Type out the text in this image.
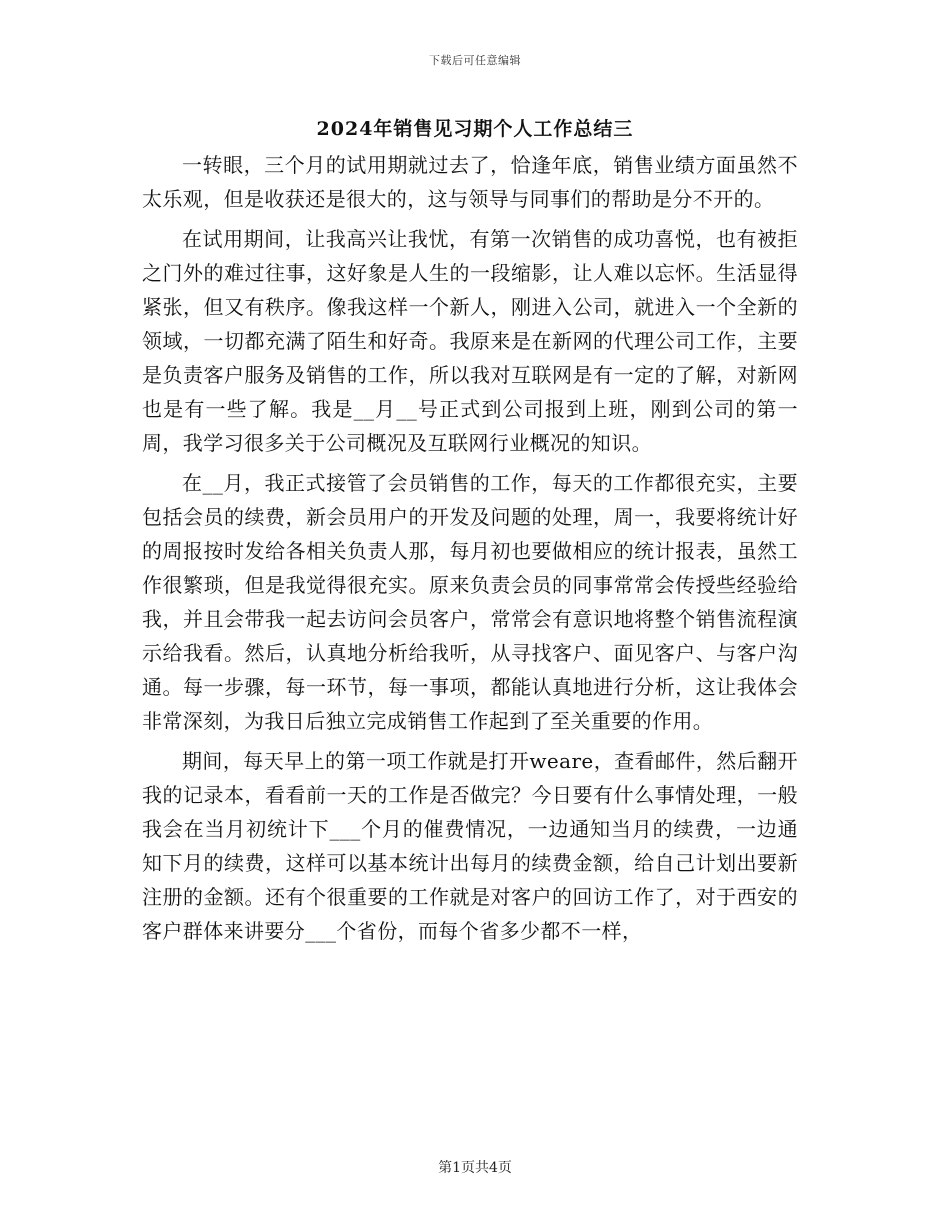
下载后可任意编辑
2024年销售见习期个人工作总结三

一转眼，三个月的试用期就过去了，恰逢年底，销售业绩方面虽然不太乐观，但是收获还是很大的，这与领导与同事们的帮助是分不开的。

在试用期间，让我高兴让我忧，有第一次销售的成功喜悦，也有被拒之门外的难过往事，这好象是人生的一段缩影，让人难以忘怀。生活显得紧张，但又有秩序。像我这样一个新人，刚进入公司，就进入一个全新的领域，一切都充满了陌生和好奇。我原来是在新网的代理公司工作，主要是负责客户服务及销售的工作，所以我对互联网是有一定的了解，对新网也是有一些了解。我是__月__号正式到公司报到上班，刚到公司的第一周，我学习很多关于公司概况及互联网行业概况的知识。

在__月，我正式接管了会员销售的工作，每天的工作都很充实，主要包括会员的续费，新会员用户的开发及问题的处理，周一，我要将统计好的周报按时发给各相关负责人那，每月初也要做相应的统计报表，虽然工作很繁琐，但是我觉得很充实。原来负责会员的同事常常会传授些经验给我，并且会带我一起去访问会员客户，常常会有意识地将整个销售流程演示给我看。然后，认真地分析给我听，从寻找客户、面见客户、与客户沟通。每一步骤，每一环节，每一事项，都能认真地进行分析，这让我体会非常深刻，为我日后独立完成销售工作起到了至关重要的作用。

期间，每天早上的第一项工作就是打开weare，查看邮件，然后翻开我的记录本，看看前一天的工作是否做完？今日要有什么事情处理，一般我会在当月初统计下___个月的催费情况，一边通知当月的续费，一边通知下月的续费，这样可以基本统计出每月的续费金额，给自己计划出要新注册的金额。还有个很重要的工作就是对客户的回访工作了，对于西安的客户群体来讲要分___个省份，而每个省多少都不一样，

第1页共4页
